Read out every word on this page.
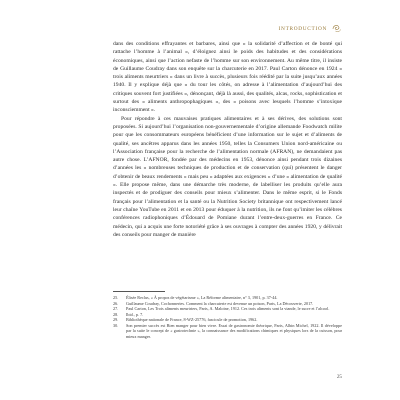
INTRODUCTION

dans des conditions effrayantes et barbares, ainsi que « la solidarité d’affection et de bonté qui rattache l’homme à l’animal », d’éloignez ainsi le poids des habitudes et des considérations économiques, ainsi que l’action nefaste de l’homme sur son environnement. Au même titre, il insiste de Guillaume Coudray dans son enquête sur la charcuterie en 2017. Paul Carton dénonce en 1924 « trois aliments meurtriers » dans un livre à succès, plusieurs fois réédité par la suite jusqu’aux années 1940. Il y explique déjà que « du tour les côtés, on adresse à l’alimentation d’aujourd’hui des critiques souvent fort justifiées », dénonçant, déjà là aussi, des qualités, alcas, rocks, sophistication et surtout des « aliments anthropophagiques », des « poisons avec lesquels l’homme s’intoxique inconsciemment ».

Pour répondre à ces mauvaises pratiques alimentaires et à ses dérives, des solutions sont proposées. Si aujourd’hui l’organisation non-gouvernementale d’origine allemande Foodwatch milite pour que les consommateurs européens bénéficient d’une information sur le sujet et d’aliments de qualité, ses ancêtres apparus dans les années 1950, telles la Consumers Union nord-américaine ou l’Association française pour la recherche de l’alimentation normale (AFRAN), ne demandaient pas autre chose. L’AFNOR, fondée par des médecins en 1953, dénonce ainsi pendant trois dizaines d’années les « nombreuses techniques de production et de conservation (qui) présentent le danger d’obtenir de beaux rendements » mais peu « adaptées aux exigences » d’une « alimentation de qualité ». Elle propose même, dans une démarche très moderne, de labelliser les produits qu’elle aura inspectés et de prodiguer des conseils pour mieux s’alimenter. Dans le même esprit, si le Fonds français pour l’alimentation et la santé ou la Nutrition Society britannique ont respectivement lancé leur chaîne YouTube en 2011 et en 2013 pour éduquer à la nutrition, ils ne font qu’imiter les célèbres conférences radiophoniques d’Édouard de Pomiane durant l’entre-deux-guerres en France. Ce médecin, qui a acquis une forte notoriété grâce à ses ouvrages à compter des années 1920, y délivrait des conseils pour manger de manière

25.	Élisée Reclus, « À propos de végétarisme », La Réforme alimentaire, n° 3, 1901, p. 37-44.
26.	Guillaume Coudray, Cochonneries. Comment la charcuterie est devenue un poison, Paris, La Découverte, 2017.
27.	Paul Carton, Les Trois aliments meurtriers, Paris, A. Maloine, 1912. Ces trois aliments sont la viande, le sucre et l’alcool.
28.	Ibid., p. 7.
29.	Bibliothèque nationale de France, 8-WZ-25776, fascicule de promotion, 1962.
30.	Son premier succès est Bien manger pour bien vivre. Essai de gastronomie théorique, Paris, Albin Michel, 1922. Il développe par la suite le concept de « gastrotechnie », la connaissance des modifications chimiques et physiques lors de la cuisson, pour mieux manger.
25
